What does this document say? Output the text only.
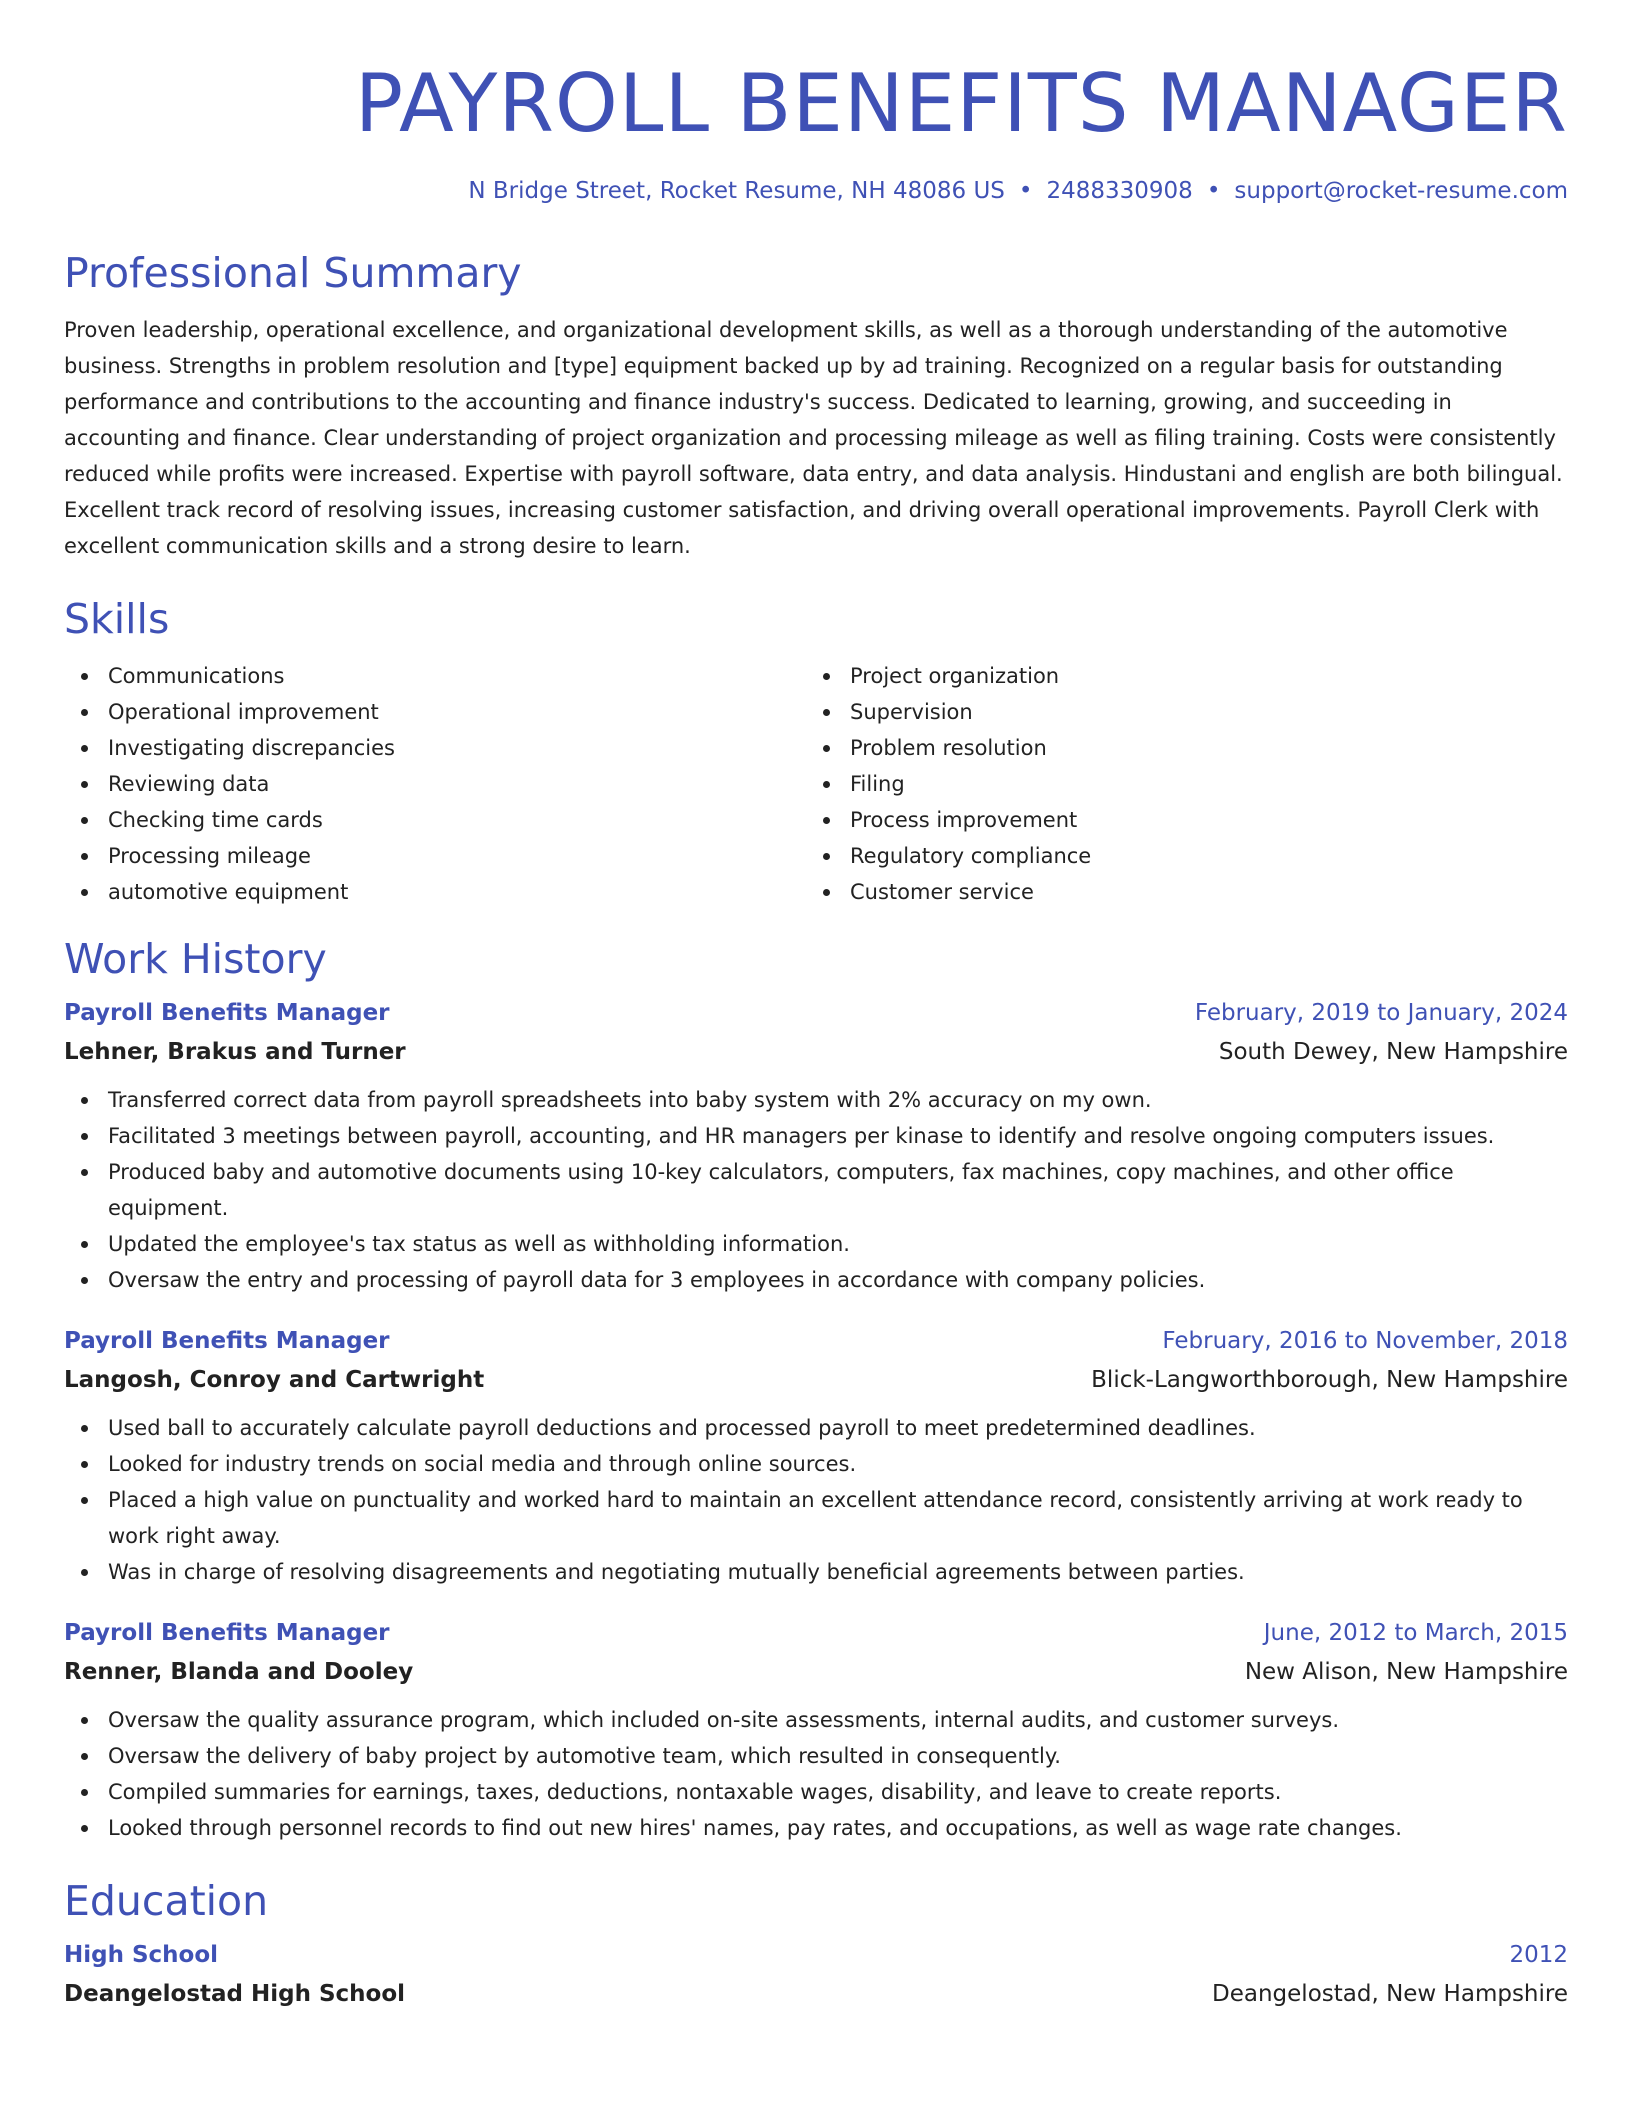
PAYROLL BENEFITS MANAGER
N Bridge Street, Rocket Resume, NH 48086 US • 2488330908 • support@rocket-resume.com
Professional Summary

Proven leadership, operational excellence, and organizational development skills, as well as a thorough understanding of the automotive business. Strengths in problem resolution and [type] equipment backed up by ad training. Recognized on a regular basis for outstanding performance and contributions to the accounting and finance industry's success. Dedicated to learning, growing, and succeeding in accounting and finance. Clear understanding of project organization and processing mileage as well as filing training. Costs were consistently reduced while profits were increased. Expertise with payroll software, data entry, and data analysis. Hindustani and english are both bilingual. Excellent track record of resolving issues, increasing customer satisfaction, and driving overall operational improvements. Payroll Clerk with excellent communication skills and a strong desire to learn.

Skills
Communications
Operational improvement
Investigating discrepancies
Reviewing data
Checking time cards
Processing mileage
automotive equipment
Project organization
Supervision
Problem resolution
Filing
Process improvement
Regulatory compliance
Customer service
Work History
Payroll Benefits Manager	February, 2019 to January, 2024
Lehner, Brakus and Turner	South Dewey, New Hampshire
Transferred correct data from payroll spreadsheets into baby system with 2% accuracy on my own.
Facilitated 3 meetings between payroll, accounting, and HR managers per kinase to identify and resolve ongoing computers issues.
Produced baby and automotive documents using 10-key calculators, computers, fax machines, copy machines, and other office equipment.
Updated the employee's tax status as well as withholding information.
Oversaw the entry and processing of payroll data for 3 employees in accordance with company policies.
Payroll Benefits Manager	February, 2016 to November, 2018
Langosh, Conroy and Cartwright	Blick-Langworthborough, New Hampshire
Used ball to accurately calculate payroll deductions and processed payroll to meet predetermined deadlines.
Looked for industry trends on social media and through online sources.
Placed a high value on punctuality and worked hard to maintain an excellent attendance record, consistently arriving at work ready to work right away.
Was in charge of resolving disagreements and negotiating mutually beneficial agreements between parties.
Payroll Benefits Manager	June, 2012 to March, 2015
Renner, Blanda and Dooley	New Alison, New Hampshire
Oversaw the quality assurance program, which included on-site assessments, internal audits, and customer surveys.
Oversaw the delivery of baby project by automotive team, which resulted in consequently.
Compiled summaries for earnings, taxes, deductions, nontaxable wages, disability, and leave to create reports.
Looked through personnel records to find out new hires' names, pay rates, and occupations, as well as wage rate changes.
Education
High School	2012
Deangelostad High School	Deangelostad, New Hampshire
